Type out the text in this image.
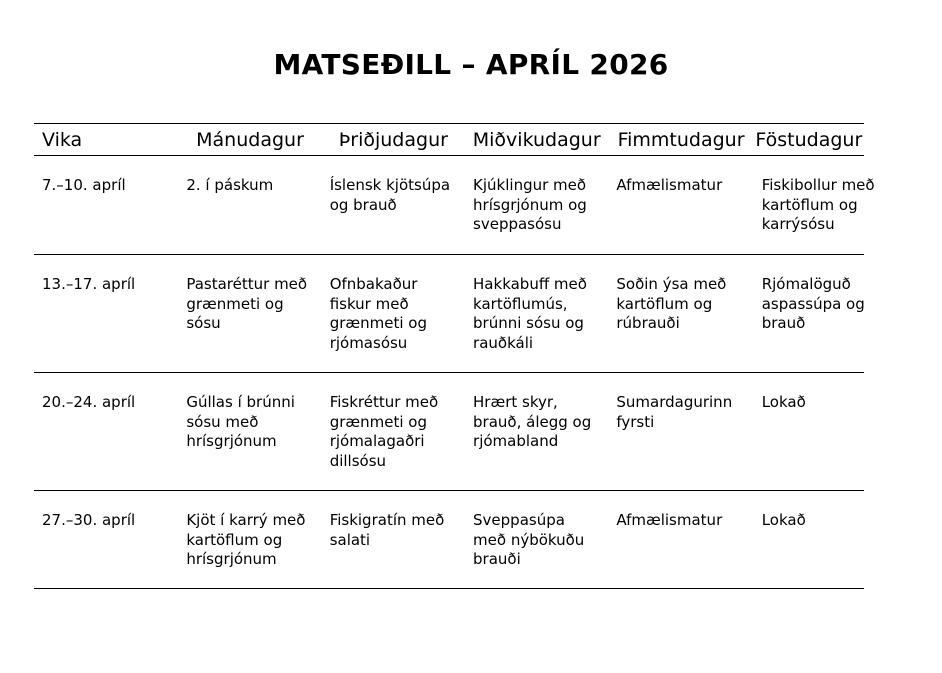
MATSEÐILL – APRÍL 2026
Vika	Mánudagur	Þriðjudagur	Miðvikudagur	Fimmtudagur	Föstudagur
7.–10. apríl	2. í páskum	Íslensk kjötsúpa og brauð	Kjúklingur með hrísgrjónum og sveppasósu	Afmælismatur	Fiskibollur með
kartöflum og
karrýsósu

13.–17. apríl	Pastaréttur með grænmeti og sósu	Ofnbakaður fiskur með grænmeti og rjómasósu	Hakkabuff með kartöflumús, brúnni sósu og rauðkáli	Soðin ýsa með kartöflum og rúbrauði	Rjómalöguð
aspassúpa og
brauð

20.–24. apríl	Gúllas í brúnni sósu með hrísgrjónum	Fiskréttur með grænmeti og rjómalagaðri dillsósu	Hrært skyr, brauð, álegg og rjómabland	Sumardagurinn fyrsti	Lokað

27.–30. apríl	Kjöt í karrý með kartöflum og hrísgrjónum	Fiskigratín með salati	Sveppasúpa með nýbökuðu brauði	Afmælismatur	Lokað
